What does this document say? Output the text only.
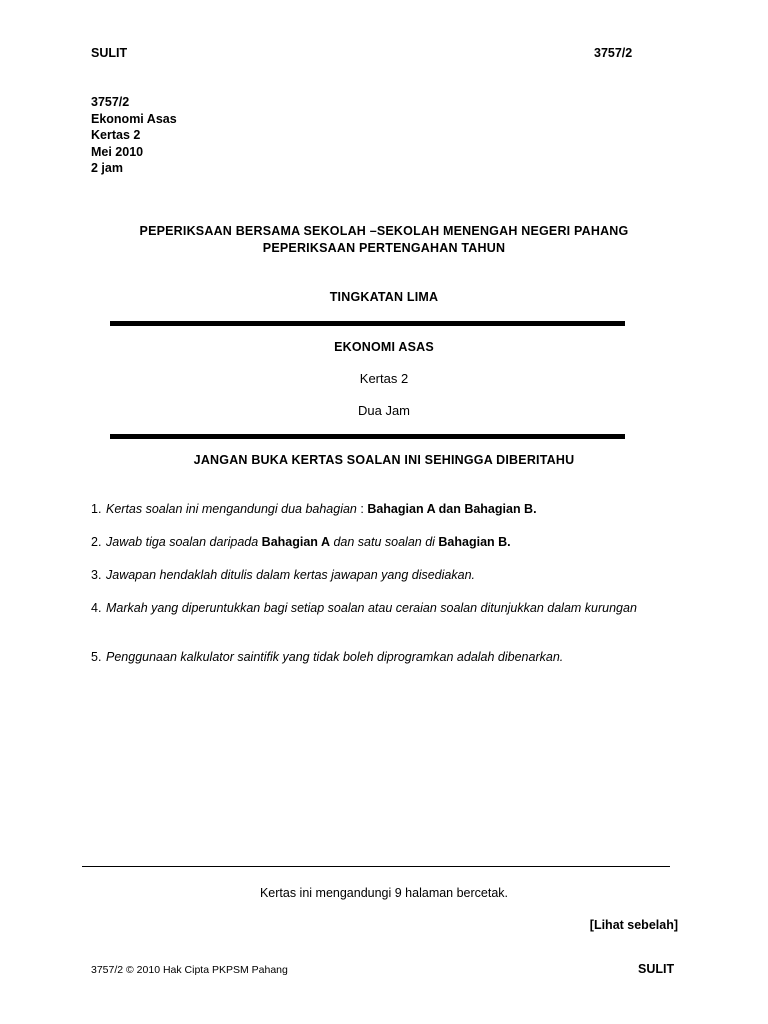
SULIT	3757/2
3757/2
Ekonomi Asas
Kertas 2
Mei 2010
2 jam
PEPERIKSAAN BERSAMA SEKOLAH –SEKOLAH MENENGAH NEGERI PAHANG
PEPERIKSAAN PERTENGAHAN TAHUN
TINGKATAN LIMA
EKONOMI ASAS
Kertas 2
Dua Jam
JANGAN BUKA KERTAS SOALAN INI SEHINGGA DIBERITAHU
1. Kertas soalan ini mengandungi dua bahagian : Bahagian A dan Bahagian B.
2. Jawab tiga soalan daripada Bahagian A dan satu soalan di Bahagian B.
3. Jawapan hendaklah ditulis dalam kertas jawapan yang disediakan.
4. Markah yang diperuntukkan bagi setiap soalan atau ceraian soalan ditunjukkan dalam kurungan
5. Penggunaan kalkulator saintifik yang tidak boleh diprogramkan adalah dibenarkan.
Kertas ini mengandungi 9 halaman bercetak.
[Lihat sebelah]
3757/2 © 2010 Hak Cipta PKPSM Pahang	SULIT
